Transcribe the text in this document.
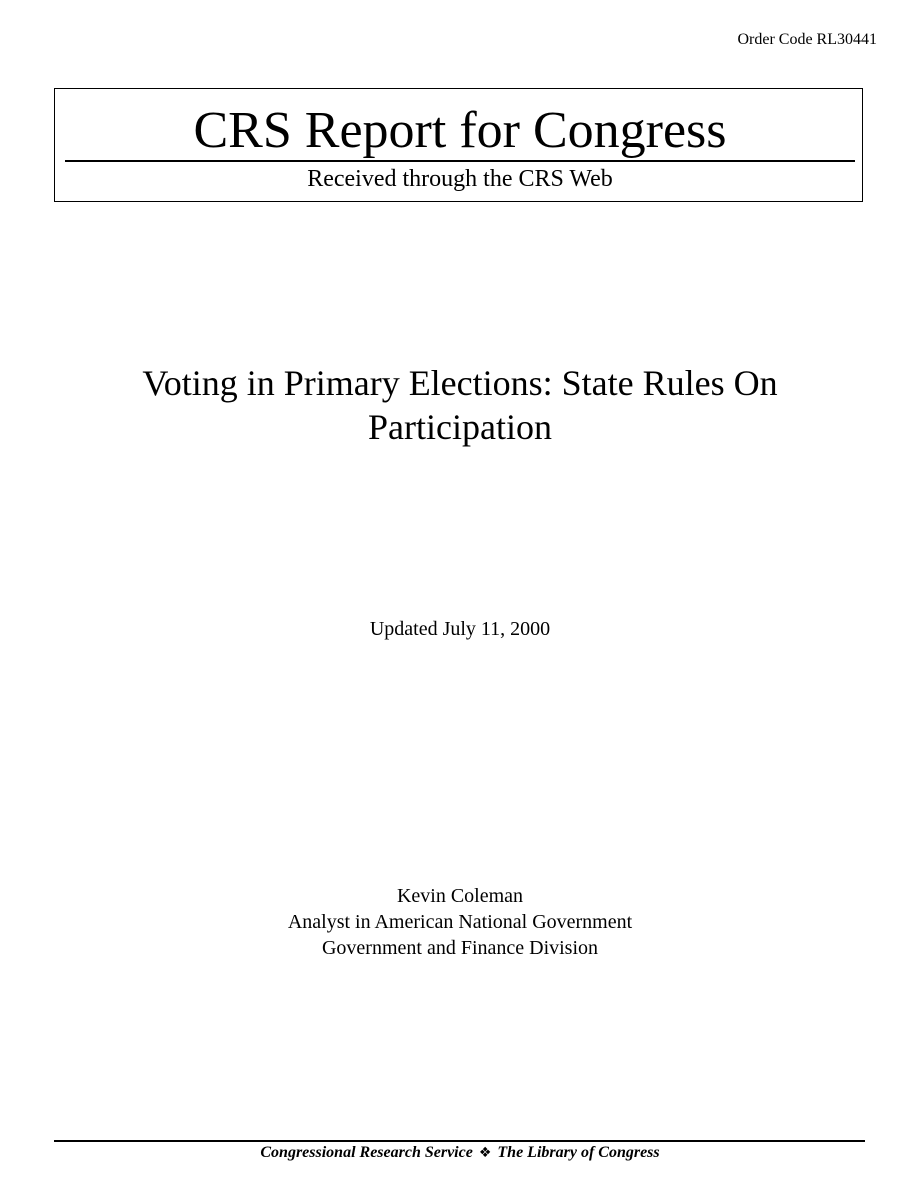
Order Code RL30441
CRS Report for Congress
Received through the CRS Web
Voting in Primary Elections: State Rules On
Participation
Updated July 11, 2000
Kevin Coleman
Analyst in American National Government
Government and Finance Division
Congressional Research Service ❖ The Library of Congress
